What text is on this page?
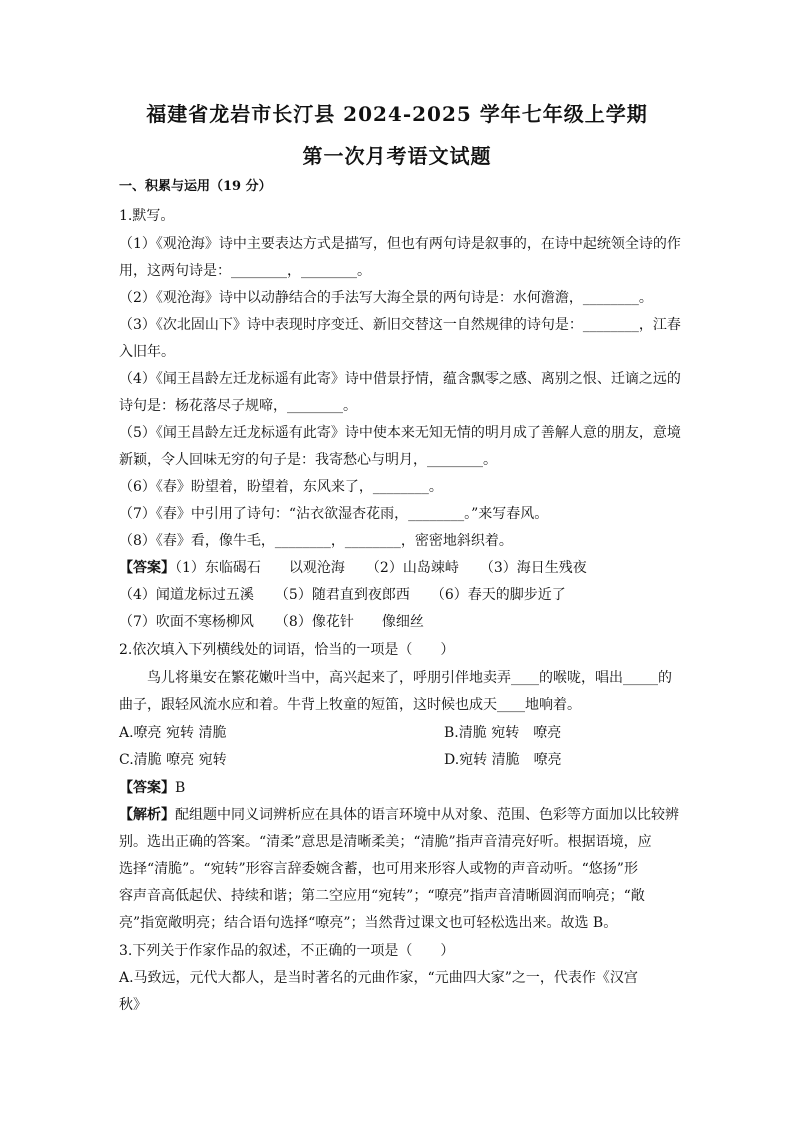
福建省龙岩市长汀县 2024-2025 学年七年级上学期
第一次月考语文试题
一、积累与运用（19 分）
1.默写。
（1）《观沧海》诗中主要表达方式是描写，但也有两句诗是叙事的，在诗中起统领全诗的作
用，这两句诗是：________，________。
（2）《观沧海》诗中以动静结合的手法写大海全景的两句诗是：水何澹澹，________。
（3）《次北固山下》诗中表现时序变迁、新旧交替这一自然规律的诗句是：________，江春
入旧年。
（4）《闻王昌龄左迁龙标遥有此寄》诗中借景抒情，蕴含飘零之感、离别之恨、迁谪之远的
诗句是：杨花落尽子规啼，________。
（5）《闻王昌龄左迁龙标遥有此寄》诗中使本来无知无情的明月成了善解人意的朋友，意境
新颖，令人回味无穷的句子是：我寄愁心与明月，________。
（6）《春》盼望着，盼望着，东风来了，________。
（7）《春》中引用了诗句：“沾衣欲湿杏花雨，________。”来写春风。
（8）《春》看，像牛毛，________，________，密密地斜织着。
【答案】（1）东临碣石　　以观沧海　　（2）山岛竦峙　　（3）海日生残夜
（4）闻道龙标过五溪　　（5）随君直到夜郎西　　（6）春天的脚步近了
（7）吹面不寒杨柳风　　（8）像花针　　像细丝
2.依次填入下列横线处的词语，恰当的一项是（　　）
鸟儿将巢安在繁花嫩叶当中，高兴起来了，呼朋引伴地卖弄____的喉咙，唱出_____的
曲子，跟轻风流水应和着。牛背上牧童的短笛，这时候也成天____地响着。
A.嘹亮 宛转 清脆	B.清脆 宛转　嘹亮
C.清脆 嘹亮 宛转	D.宛转 清脆　嘹亮
【答案】B
【解析】配组题中同义词辨析应在具体的语言环境中从对象、范围、色彩等方面加以比较辨
别。选出正确的答案。“清柔”意思是清晰柔美；“清脆”指声音清亮好听。根据语境，应
选择“清脆”。“宛转”形容言辞委婉含蓄，也可用来形容人或物的声音动听。“悠扬”形
容声音高低起伏、持续和谐；第二空应用“宛转”；“嘹亮”指声音清晰圆润而响亮；“敞
亮”指宽敞明亮；结合语句选择“嘹亮”；当然背过课文也可轻松选出来。故选 B。
3.下列关于作家作品的叙述，不正确的一项是（　　）
A.马致远，元代大都人，是当时著名的元曲作家，“元曲四大家”之一，代表作《汉宫
秋》
